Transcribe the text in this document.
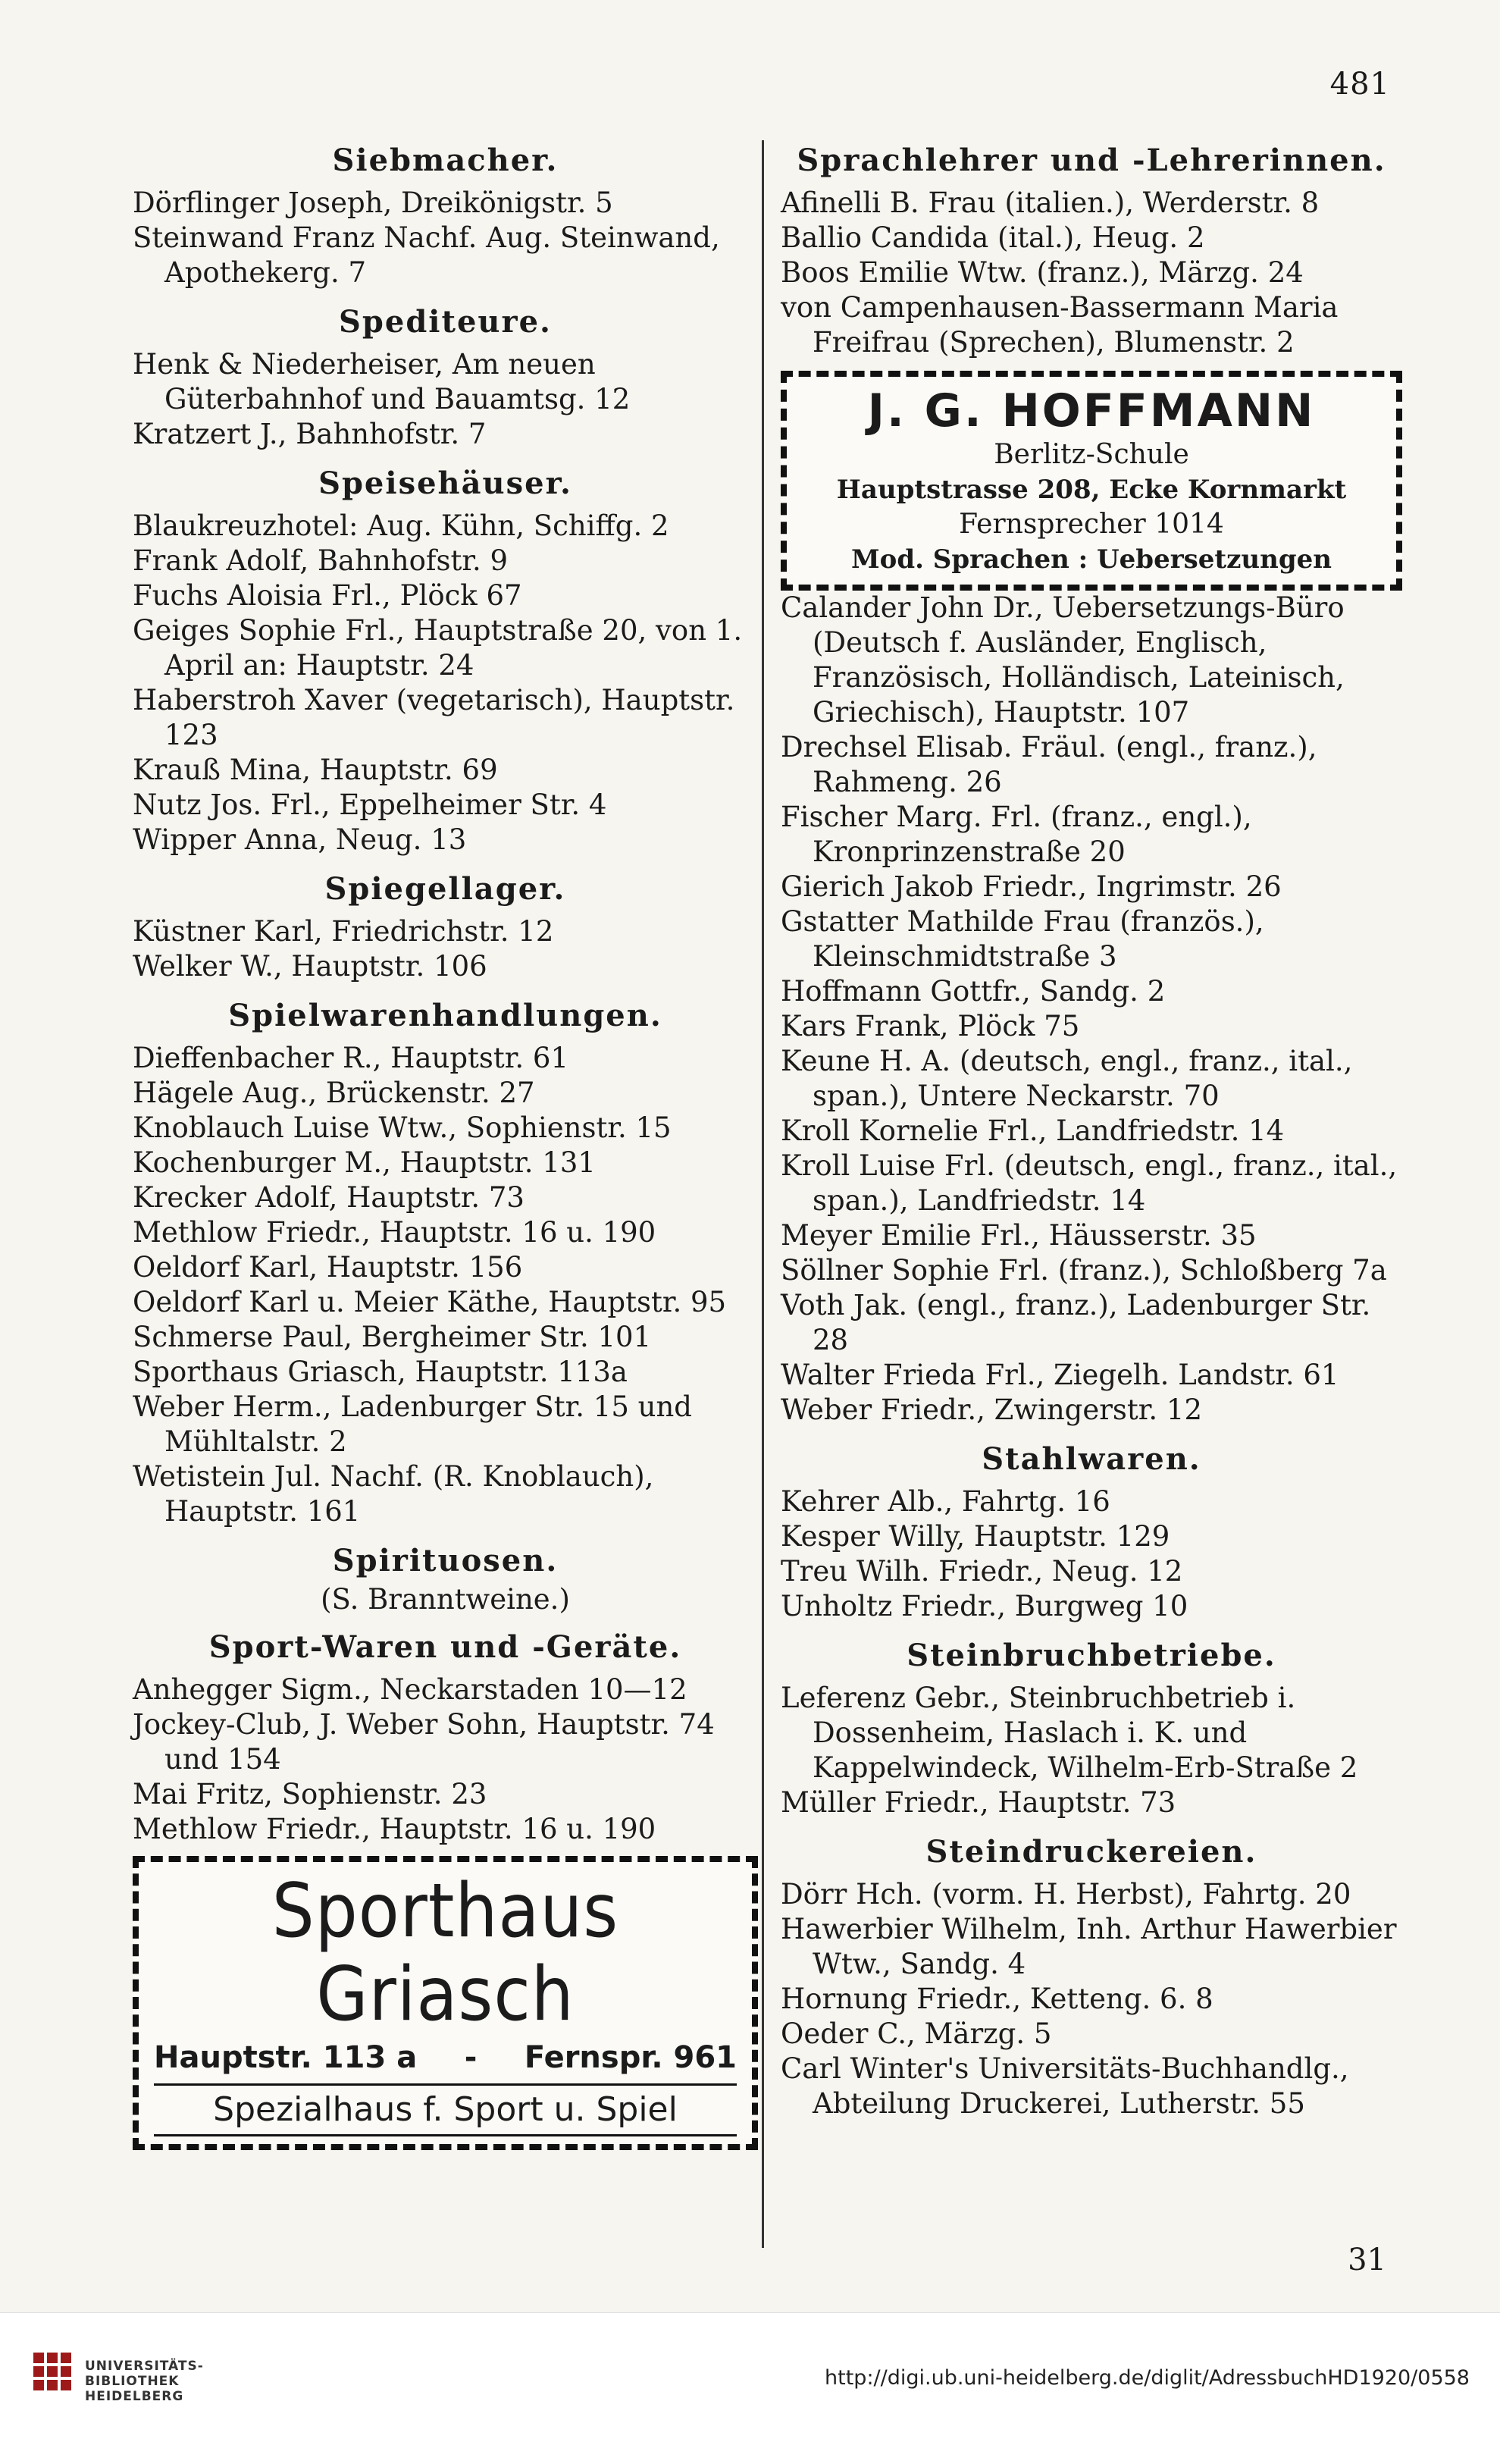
481
Siebmacher.
Dörflinger Joseph, Dreikönigstr. 5
Steinwand Franz Nachf. Aug. Steinwand, Apothekerg. 7
Spediteure.
Henk & Niederheiser, Am neuen Güterbahnhof und Bauamtsg. 12
Kratzert J., Bahnhofstr. 7
Speisehäuser.
Blaukreuzhotel: Aug. Kühn, Schiffg. 2
Frank Adolf, Bahnhofstr. 9
Fuchs Aloisia Frl., Plöck 67
Geiges Sophie Frl., Hauptstraße 20, von 1. April an: Hauptstr. 24
Haberstroh Xaver (vegetarisch), Hauptstr. 123
Krauß Mina, Hauptstr. 69
Nutz Jos. Frl., Eppelheimer Str. 4
Wipper Anna, Neug. 13
Spiegellager.
Küstner Karl, Friedrichstr. 12
Welker W., Hauptstr. 106
Spielwarenhandlungen.
Dieffenbacher R., Hauptstr. 61
Hägele Aug., Brückenstr. 27
Knoblauch Luise Wtw., Sophienstr. 15
Kochenburger M., Hauptstr. 131
Krecker Adolf, Hauptstr. 73
Methlow Friedr., Hauptstr. 16 u. 190
Oeldorf Karl, Hauptstr. 156
Oeldorf Karl u. Meier Käthe, Hauptstr. 95
Schmerse Paul, Bergheimer Str. 101
Sporthaus Griasch, Hauptstr. 113a
Weber Herm., Ladenburger Str. 15 und Mühltalstr. 2
Wetistein Jul. Nachf. (R. Knoblauch), Hauptstr. 161
Spirituosen.
(S. Branntweine.)
Sport-Waren und -Geräte.
Anhegger Sigm., Neckarstaden 10—12
Jockey-Club, J. Weber Sohn, Hauptstr. 74 und 154
Mai Fritz, Sophienstr. 23
Methlow Friedr., Hauptstr. 16 u. 190
Sporthaus Griasch
Hauptstr. 113 a - Fernspr. 961
Spezialhaus f. Sport u. Spiel
Sprachlehrer und -Lehrerinnen.
Afinelli B. Frau (italien.), Werderstr. 8
Ballio Candida (ital.), Heug. 2
Boos Emilie Wtw. (franz.), Märzg. 24
von Campenhausen-Bassermann Maria Freifrau (Sprechen), Blumenstr. 2
J. G. HOFFMANN
Berlitz-Schule
Hauptstrasse 208, Ecke Kornmarkt
Fernsprecher 1014
Mod. Sprachen : Uebersetzungen
Calander John Dr., Uebersetzungs-Büro (Deutsch f. Ausländer, Englisch, Französisch, Holländisch, Lateinisch, Griechisch), Hauptstr. 107
Drechsel Elisab. Fräul. (engl., franz.), Rahmeng. 26
Fischer Marg. Frl. (franz., engl.), Kronprinzenstraße 20
Gierich Jakob Friedr., Ingrimstr. 26
Gstatter Mathilde Frau (französ.), Kleinschmidtstraße 3
Hoffmann Gottfr., Sandg. 2
Kars Frank, Plöck 75
Keune H. A. (deutsch, engl., franz., ital., span.), Untere Neckarstr. 70
Kroll Kornelie Frl., Landfriedstr. 14
Kroll Luise Frl. (deutsch, engl., franz., ital., span.), Landfriedstr. 14
Meyer Emilie Frl., Häusserstr. 35
Söllner Sophie Frl. (franz.), Schloßberg 7a
Voth Jak. (engl., franz.), Ladenburger Str. 28
Walter Frieda Frl., Ziegelh. Landstr. 61
Weber Friedr., Zwingerstr. 12
Stahlwaren.
Kehrer Alb., Fahrtg. 16
Kesper Willy, Hauptstr. 129
Treu Wilh. Friedr., Neug. 12
Unholtz Friedr., Burgweg 10
Steinbruchbetriebe.
Leferenz Gebr., Steinbruchbetrieb i. Dossenheim, Haslach i. K. und Kappelwindeck, Wilhelm-Erb-Straße 2
Müller Friedr., Hauptstr. 73
Steindruckereien.
Dörr Hch. (vorm. H. Herbst), Fahrtg. 20
Hawerbier Wilhelm, Inh. Arthur Hawerbier Wtw., Sandg. 4
Hornung Friedr., Ketteng. 6. 8
Oeder C., Märzg. 5
Carl Winter's Universitäts-Buchhandlg., Abteilung Druckerei, Lutherstr. 55
31
UNIVERSITÄTS-
BIBLIOTHEK
HEIDELBERG
http://digi.ub.uni-heidelberg.de/diglit/AdressbuchHD1920/0558
